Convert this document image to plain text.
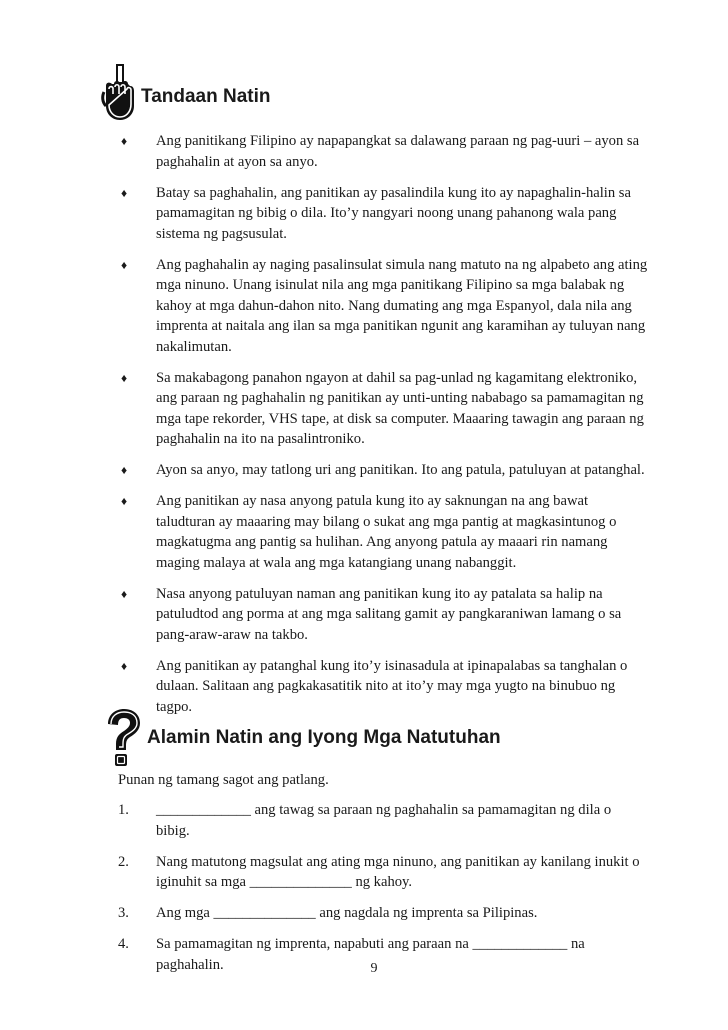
Tandaan Natin
♦ Ang panitikang Filipino ay napapangkat sa dalawang paraan ng pag-uuri – ayon sa paghahalin at ayon sa anyo.
♦ Batay sa paghahalin, ang panitikan ay pasalindila kung ito ay napaghalin-halin sa pamamagitan ng bibig o dila. Ito’y nangyari noong unang pahanong wala pang sistema ng pagsusulat.
♦ Ang paghahalin ay naging pasalinsulat simula nang matuto na ng alpabeto ang ating mga ninuno. Unang isinulat nila ang mga panitikang Filipino sa mga balabak ng kahoy at mga dahun-dahon nito. Nang dumating ang mga Espanyol, dala nila ang imprenta at naitala ang ilan sa mga panitikan ngunit ang karamihan ay tuluyan nang nakalimutan.
♦ Sa makabagong panahon ngayon at dahil sa pag-unlad ng kagamitang elektroniko, ang paraan ng paghahalin ng panitikan ay unti-unting nababago sa pamamagitan ng mga tape rekorder, VHS tape, at disk sa computer. Maaaring tawagin ang paraan ng paghahalin na ito na pasalintroniko.
♦ Ayon sa anyo, may tatlong uri ang panitikan. Ito ang patula, patuluyan at patanghal.
♦ Ang panitikan ay nasa anyong patula kung ito ay saknungan na ang bawat taludturan ay maaaring may bilang o sukat ang mga pantig at magkasintunog o magkatugma ang pantig sa hulihan. Ang anyong patula ay maaari rin namang maging malaya at wala ang mga katangiang unang nabanggit.
♦ Nasa anyong patuluyan naman ang panitikan kung ito ay patalata sa halip na patuludtod ang porma at ang mga salitang gamit ay pangkaraniwan lamang o sa pang-araw-araw na takbo.
♦ Ang panitikan ay patanghal kung ito’y isinasadula at ipinapalabas sa tanghalan o dulaan. Salitaan ang pagkakasatitik nito at ito’y may mga yugto na binubuo ng tagpo.
Alamin Natin ang Iyong Mga Natutuhan
Punan ng tamang sagot ang patlang.
1. _____________ ang tawag sa paraan ng paghahalin sa pamamagitan ng dila o bibig.
2. Nang matutong magsulat ang ating mga ninuno, ang panitikan ay kanilang inukit o iginuhit sa mga ______________ ng kahoy.
3. Ang mga ______________ ang nagdala ng imprenta sa Pilipinas.
4. Sa pamamagitan ng imprenta, napabuti ang paraan na _____________ na paghahalin.	9
